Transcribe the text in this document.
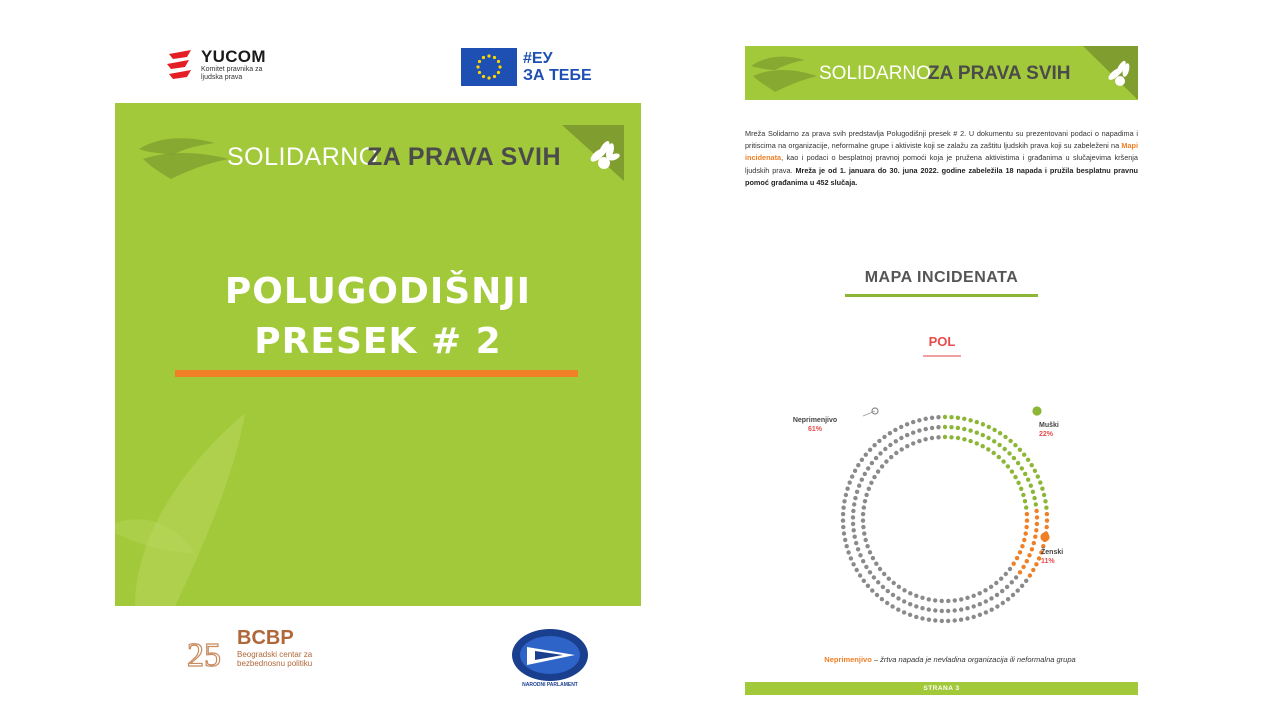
YUCOM
Komitet pravnika za ljudska prava
#ЕУ
ЗА ТЕБЕ
SOLIDARNO
ZA PRAVA SVIH
POLUGODIŠNJI
PRESEK # 2
25 BCBP
Beogradski centar za bezbednosnu politiku
NARODNI PARLAMENT
SOLIDARNO
ZA PRAVA SVIH

Mreža Solidarno za prava svih predstavlja Polugodišnji presek # 2. U dokumentu su prezentovani podaci o napadima i pritiscima na organizacije, neformalne grupe i aktiviste koji se zalažu za zaštitu ljudskih prava koji su zabeleženi na Mapi incidenata, kao i podaci o besplatnoj pravnoj pomoći koja je pružena aktivistima i građanima u slučajevima kršenja ljudskih prava. Mreža je od 1. januara do 30. juna 2022. godine zabeležila 18 napada i pružila besplatnu pravnu pomoć građanima u 452 slučaja.

MAPA INCIDENATA
POL
Neprimenjivo
61%
Muški
22%
Ženski
11%
Neprimenjivo – žrtva napada je nevladina organizacija ili neformalna grupa
STRANA 3
